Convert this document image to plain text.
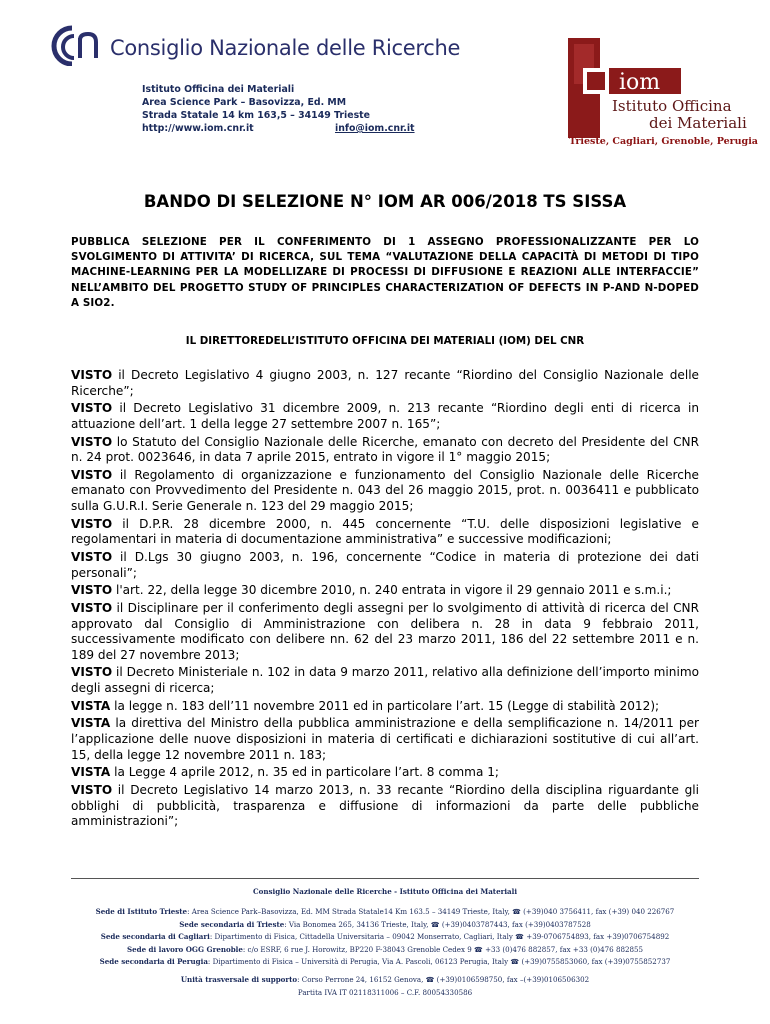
Consiglio Nazionale delle Ricerche
Istituto Officina dei Materiali
Area Science Park – Basovizza, Ed. MM
Strada Statale 14 km 163,5 – 34149 Trieste
http://www.iom.cnr.it	info@iom.cnr.it
iom
Istituto Officina
dei Materiali
Trieste, Cagliari, Grenoble, Perugia
BANDO DI SELEZIONE N° IOM AR 006/2018 TS SISSA
PUBBLICA SELEZIONE PER IL CONFERIMENTO DI 1 ASSEGNO PROFESSIONALIZZANTE PER LO SVOLGIMENTO DI ATTIVITA’ DI RICERCA, SUL TEMA “VALUTAZIONE DELLA CAPACITÀ DI METODI DI TIPO MACHINE-LEARNING PER LA MODELLIZARE DI PROCESSI DI DIFFUSIONE E REAZIONI ALLE INTERFACCIE” NELL’AMBITO DEL PROGETTO STUDY OF PRINCIPLES CHARACTERIZATION OF DEFECTS IN P-AND N-DOPED A SIO2.
IL DIRETTOREDELL’ISTITUTO OFFICINA DEI MATERIALI (IOM) DEL CNR

VISTO il Decreto Legislativo 4 giugno 2003, n. 127 recante “Riordino del Consiglio Nazionale delle Ricerche”;

VISTO il Decreto Legislativo 31 dicembre 2009, n. 213 recante “Riordino degli enti di ricerca in attuazione dell’art. 1 della legge 27 settembre 2007 n. 165”;

VISTO lo Statuto del Consiglio Nazionale delle Ricerche, emanato con decreto del Presidente del CNR n. 24 prot. 0023646, in data 7 aprile 2015, entrato in vigore il 1° maggio 2015;

VISTO il Regolamento di organizzazione e funzionamento del Consiglio Nazionale delle Ricerche emanato con Provvedimento del Presidente n. 043 del 26 maggio 2015, prot. n. 0036411 e pubblicato sulla G.U.R.I. Serie Generale n. 123 del 29 maggio 2015;

VISTO il D.P.R. 28 dicembre 2000, n. 445 concernente “T.U. delle disposizioni legislative e regolamentari in materia di documentazione amministrativa” e successive modificazioni;

VISTO il D.Lgs 30 giugno 2003, n. 196, concernente “Codice in materia di protezione dei dati personali”;

VISTO l'art. 22, della legge 30 dicembre 2010, n. 240 entrata in vigore il 29 gennaio 2011 e s.m.i.;

VISTO il Disciplinare per il conferimento degli assegni per lo svolgimento di attività di ricerca del CNR approvato dal Consiglio di Amministrazione con delibera n. 28 in data 9 febbraio 2011, successivamente modificato con delibere nn. 62 del 23 marzo 2011, 186 del 22 settembre 2011 e n. 189 del 27 novembre 2013;

VISTO il Decreto Ministeriale n. 102 in data 9 marzo 2011, relativo alla definizione dell’importo minimo degli assegni di ricerca;

VISTA la legge n. 183 dell’11 novembre 2011 ed in particolare l’art. 15 (Legge di stabilità 2012);

VISTA la direttiva del Ministro della pubblica amministrazione e della semplificazione n. 14/2011 per l’applicazione delle nuove disposizioni in materia di certificati e dichiarazioni sostitutive di cui all’art. 15, della legge 12 novembre 2011 n. 183;

VISTA la Legge 4 aprile 2012, n. 35 ed in particolare l’art. 8 comma 1;

VISTO il Decreto Legislativo 14 marzo 2013, n. 33 recante “Riordino della disciplina riguardante gli obblighi di pubblicità, trasparenza e diffusione di informazioni da parte delle pubbliche amministrazioni”;

Consiglio Nazionale delle Ricerche - Istituto Officina dei Materiali
Sede di Istituto Trieste: Area Science Park–Basovizza, Ed. MM Strada Statale14 Km 163.5 – 34149 Trieste, Italy, ☎ (+39)040 3756411, fax (+39) 040 226767
Sede secondaria di Trieste: Via Bonomea 265, 34136 Trieste, Italy, ☎ (+39)0403787443, fax (+39)0403787528
Sede secondaria di Cagliari: Dipartimento di Fisica, Cittadella Universitaria – 09042 Monserrato, Cagliari, Italy ☎ +39-0706754893, fax +39)0706754892
Sede di lavoro OGG Grenoble: c/o ESRF, 6 rue J. Horowitz, BP220 F-38043 Grenoble Cedex 9 ☎ +33 (0)476 882857, fax +33 (0)476 882855
Sede secondaria di Perugia: Dipartimento di Fisica – Università di Perugia, Via A. Pascoli, 06123 Perugia, Italy ☎ (+39)0755853060, fax (+39)0755852737
Unità trasversale di supporto: Corso Perrone 24, 16152 Genova, ☎ (+39)0106598750, fax –(+39)0106506302
Partita IVA IT 02118311006 – C.F. 80054330586
